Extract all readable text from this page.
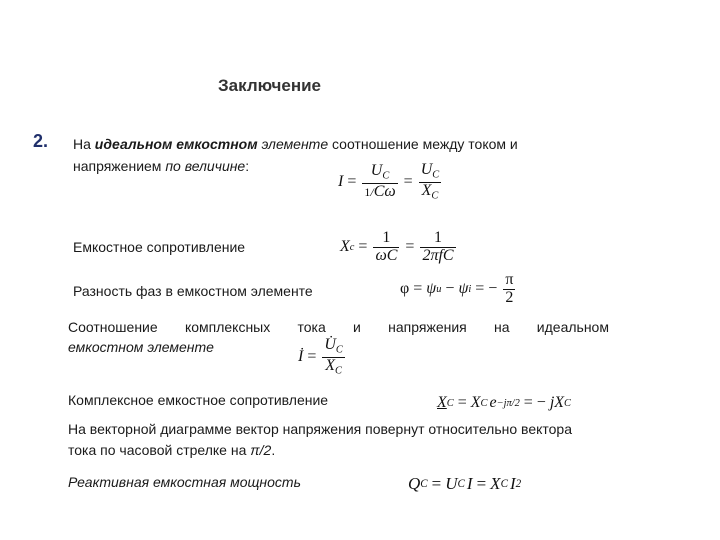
Заключение
2. На идеальном емкостном элементе соотношение между током и
напряжением по величине:
$I = \frac{U_C}{1/C\omega} = \frac{U_C}{X_C}$
Емкостное сопротивление	X $c = \frac{1}{\omega C} = \frac{1}{\text{2πfC}}$
Разность фаз в емкостном элементе	φ = ψ u − ψ i = − $\frac{\pi}{2}$
Соотношение комплексных тока и напряжения на идеальном
емкостном элементе
İ = $\frac{U̇_C}{X_C}$
Комплексное емкостное сопротивление	X C = X C e −jπ/2 = − jX C
На векторной диаграмме вектор напряжения повернут относительно вектора
тока по часовой стрелке на π/2.
Реактивная емкостная мощность	Q C = U C I = X C I 2
